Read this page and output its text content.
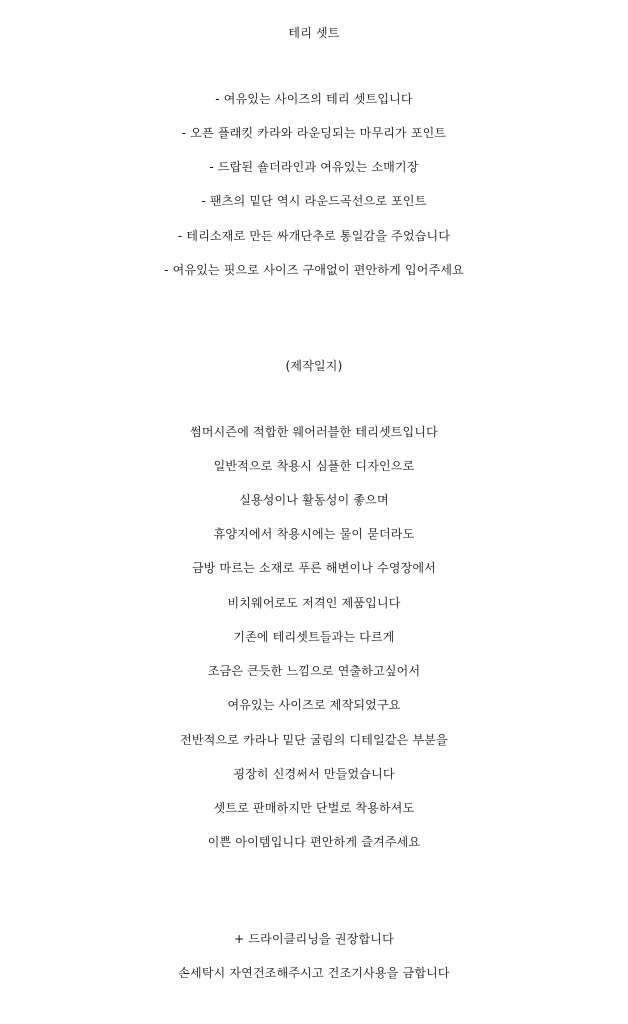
테리 셋트
- 여유있는 사이즈의 테리 셋트입니다
- 오픈 플래킷 카라와 라운딩되는 마무리가 포인트
- 드랍된 숄더라인과 여유있는 소매기장
- 팬츠의 밑단 역시 라운드곡선으로 포인트
- 테리소재로 만든 싸개단추로 통일감을 주었습니다
- 여유있는 핏으로 사이즈 구애없이 편안하게 입어주세요
(제작일지)
썸머시즌에 적합한 웨어러블한 테리셋트입니다
일반적으로 착용시 심플한 디자인으로
실용성이나 활동성이 좋으며
휴양지에서 착용시에는 물이 묻더라도
금방 마르는 소재로 푸른 해변이나 수영장에서
비치웨어로도 저격인 제품입니다
기존에 테리셋트들과는 다르게
조금은 큰듯한 느낌으로 연출하고싶어서
여유있는 사이즈로 제작되었구요
전반적으로 카라나 밑단 굴림의 디테일같은 부분을
굉장히 신경써서 만들었습니다
셋트로 판매하지만 단벌로 착용하셔도
이쁜 아이템입니다 편안하게 즐겨주세요
+ 드라이클리닝을 권장합니다
손세탁시 자연건조해주시고 건조기사용을 금합니다
